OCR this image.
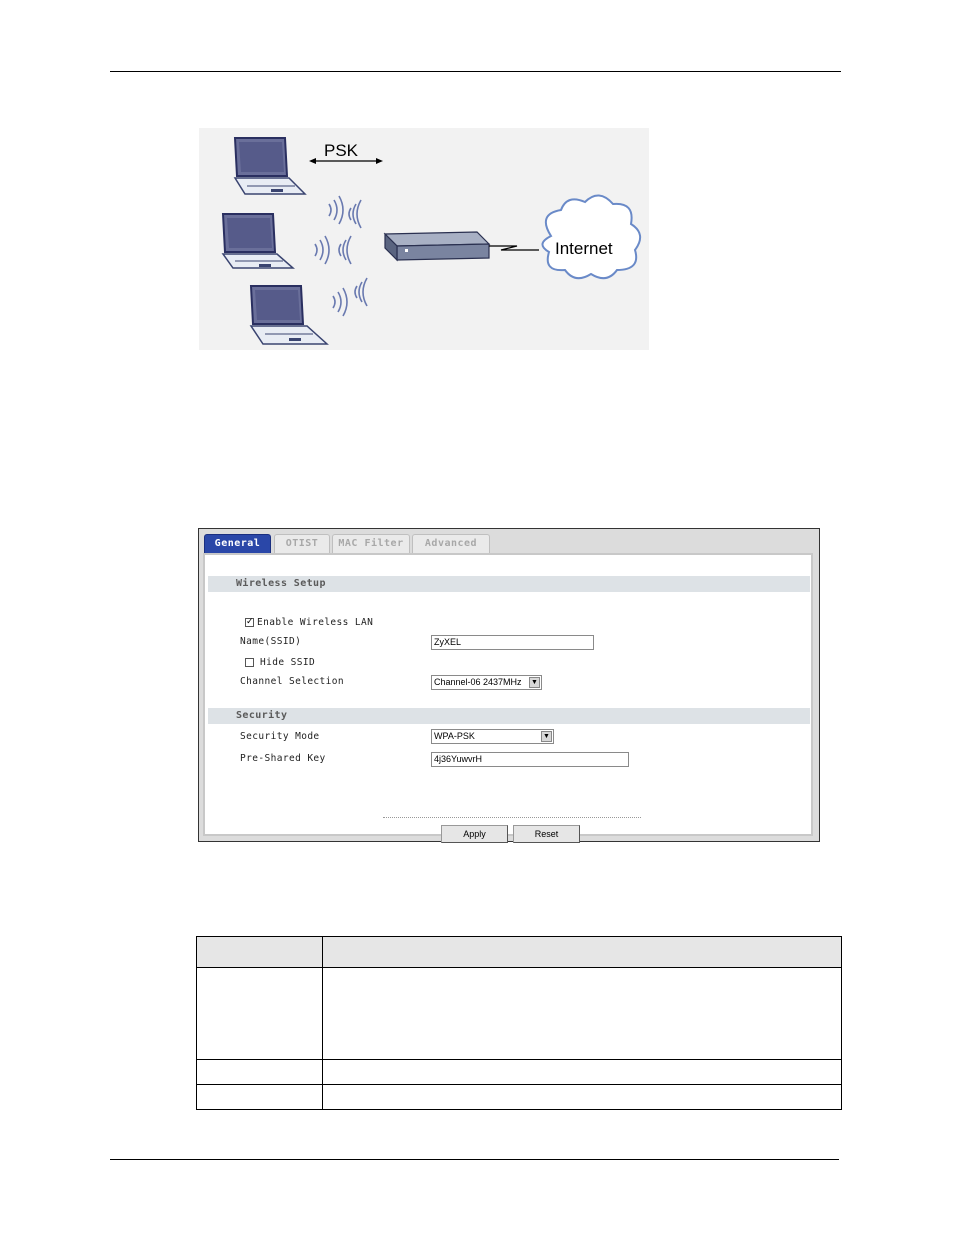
PSK
Internet
General	OTIST	MAC Filter	Advanced
Wireless Setup
✓ Enable Wireless LAN
Name(SSID)	ZyXEL
Hide SSID
Channel Selection	Channel-06 2437MHz ▼
Security
Security Mode	WPA-PSK	▼
Pre-Shared Key	4j36YuwvrH
Apply	Reset
